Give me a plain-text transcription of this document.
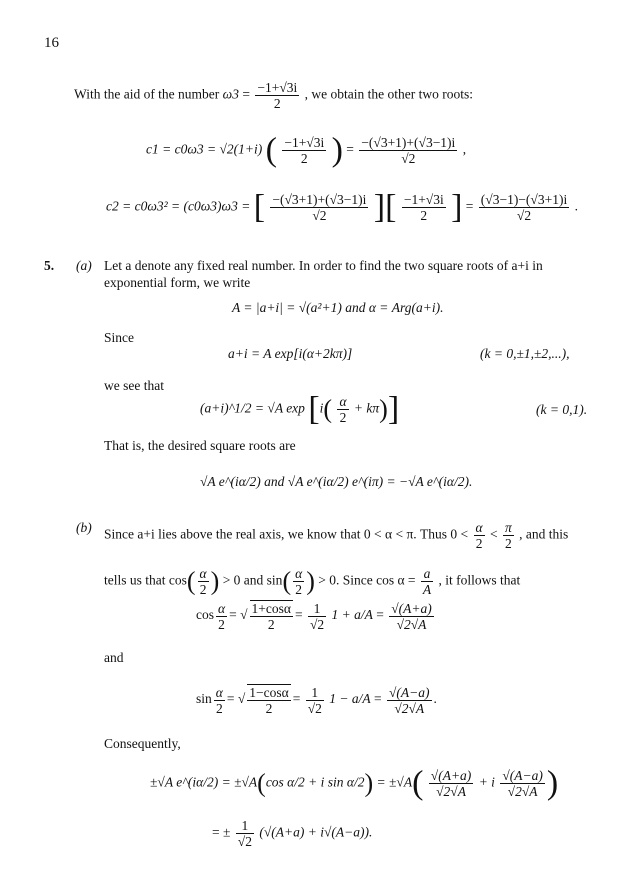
16
With the aid of the number $\omega 3 = \frac{-1+√3i}{2}$ , we obtain the other two roots:
c1 = c0ω3 = √2(1+i) ( $\frac{-1+√3i}{2}$ ) = $\frac{-(√3+1)+(√3-1)i}{√2}$ ,
c2 = c0ω3² = (c0ω3)ω3 = [ $\frac{-(√3+1)+(√3-1)i}{√2}$ ][ $\frac{-1+√3i}{2}$ ] = $\frac{(√3-1)-(√3+1)i}{√2}$ .
5. (a) Let a denote any fixed real number. In order to find the two square roots of a+i in
exponential form, we write
A = |a+i| = √(a²+1) and α = Arg(a+i).
Since
a+i = A exp[i(α+2kπ)]	(k = 0,±1,±2,...),
we see that
(a+i)^1/2 = √A $\exp [i( \frac{\alpha}{2} + k\pi)]$	(k = 0,1).
That is, the desired square roots are
√A e^(iα/2) and √A e^(iα/2) e^(iπ) = −√A e^(iα/2).
(b) Since a+i lies above the real axis, we know that 0 < α < π. Thus $0 < \frac{\alpha}{2} < \frac{\pi}{2}$ , and this
tells us that $\cos( \frac{\alpha}{2}$ ) > 0 and $\sin( \frac{\alpha}{2}$ ) > 0. Since $\cos \alpha = \frac{a}{A}$ , it follows that
$\cos \frac{\alpha}{2}$ = √ $\frac{1+\cos\alpha}{2} = \frac{1}{√2} 1 + a/A = \frac{√(A+a)}{√2√A}$
and
$\sin \frac{\alpha}{2}$ = √ $\frac{1-\cos\alpha}{2} = \frac{1}{√2} 1 - a/A = \frac{√(A-a)}{√2√A}$ .
Consequently,
±√A e^(iα/2) = ±√A(cos α/2 + i $\sin \alpha/2) = \pm√A( \frac{√(A+a)}{√2√A} + i \frac{√(A-a)}{√2√A}$ )
= ± $\frac{1}{√2} (√(A+a) + i√(A-a))$.
